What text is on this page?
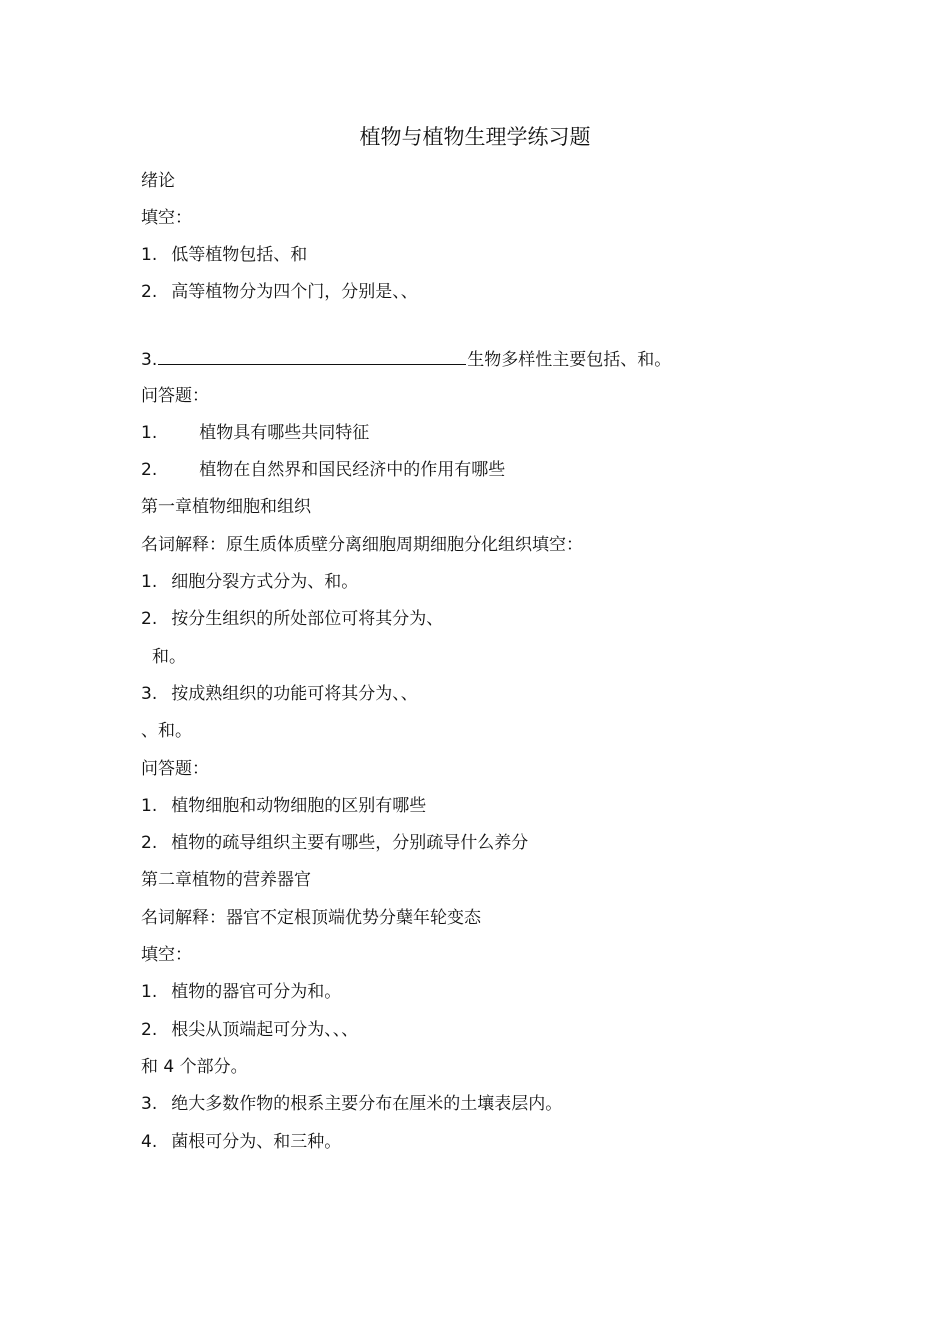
植物与植物生理学练习题
绪论
填空：
1. 低等植物包括、和
2. 高等植物分为四个门，分别是、、
3.	生物多样性主要包括、和。
问答题：
1. 植物具有哪些共同特征
2. 植物在自然界和国民经济中的作用有哪些
第一章植物细胞和组织
名词解释：原生质体质壁分离细胞周期细胞分化组织填空：
1. 细胞分裂方式分为、和。
2. 按分生组织的所处部位可将其分为、
和。
3. 按成熟组织的功能可将其分为、、
、和。
问答题：
1. 植物细胞和动物细胞的区别有哪些
2. 植物的疏导组织主要有哪些，分别疏导什么养分
第二章植物的营养器官
名词解释：器官不定根顶端优势分蘖年轮变态
填空：
1. 植物的器官可分为和。
2. 根尖从顶端起可分为、、、
和 4 个部分。
3. 绝大多数作物的根系主要分布在厘米的土壤表层内。
4. 菌根可分为、和三种。
